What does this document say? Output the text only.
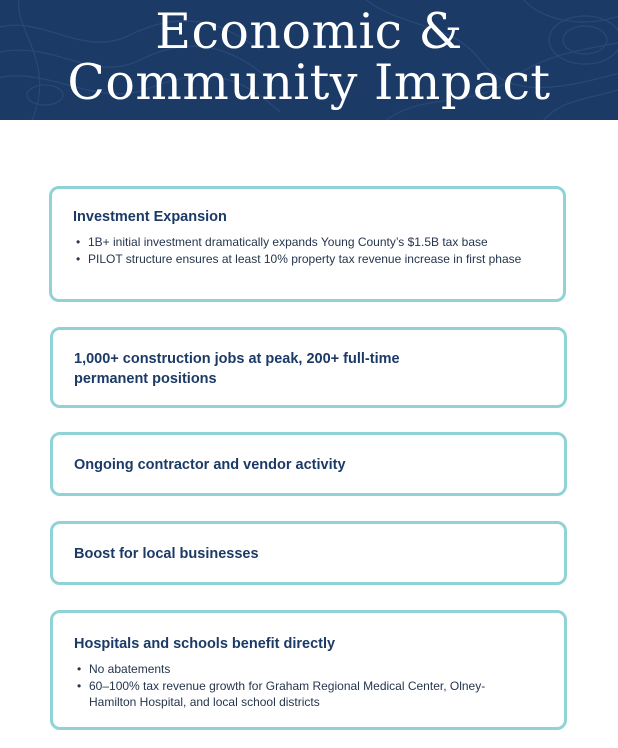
Economic &
Community Impact
Investment Expansion
• 1B+ initial investment dramatically expands Young County’s $1.5B tax base
• PILOT structure ensures at least 10% property tax revenue increase in first phase
1,000+ construction jobs at peak, 200+ full-time permanent positions
Ongoing contractor and vendor activity
Boost for local businesses
Hospitals and schools benefit directly
• No abatements
• 60–100% tax revenue growth for Graham Regional Medical Center, Olney-Hamilton Hospital, and local school districts
